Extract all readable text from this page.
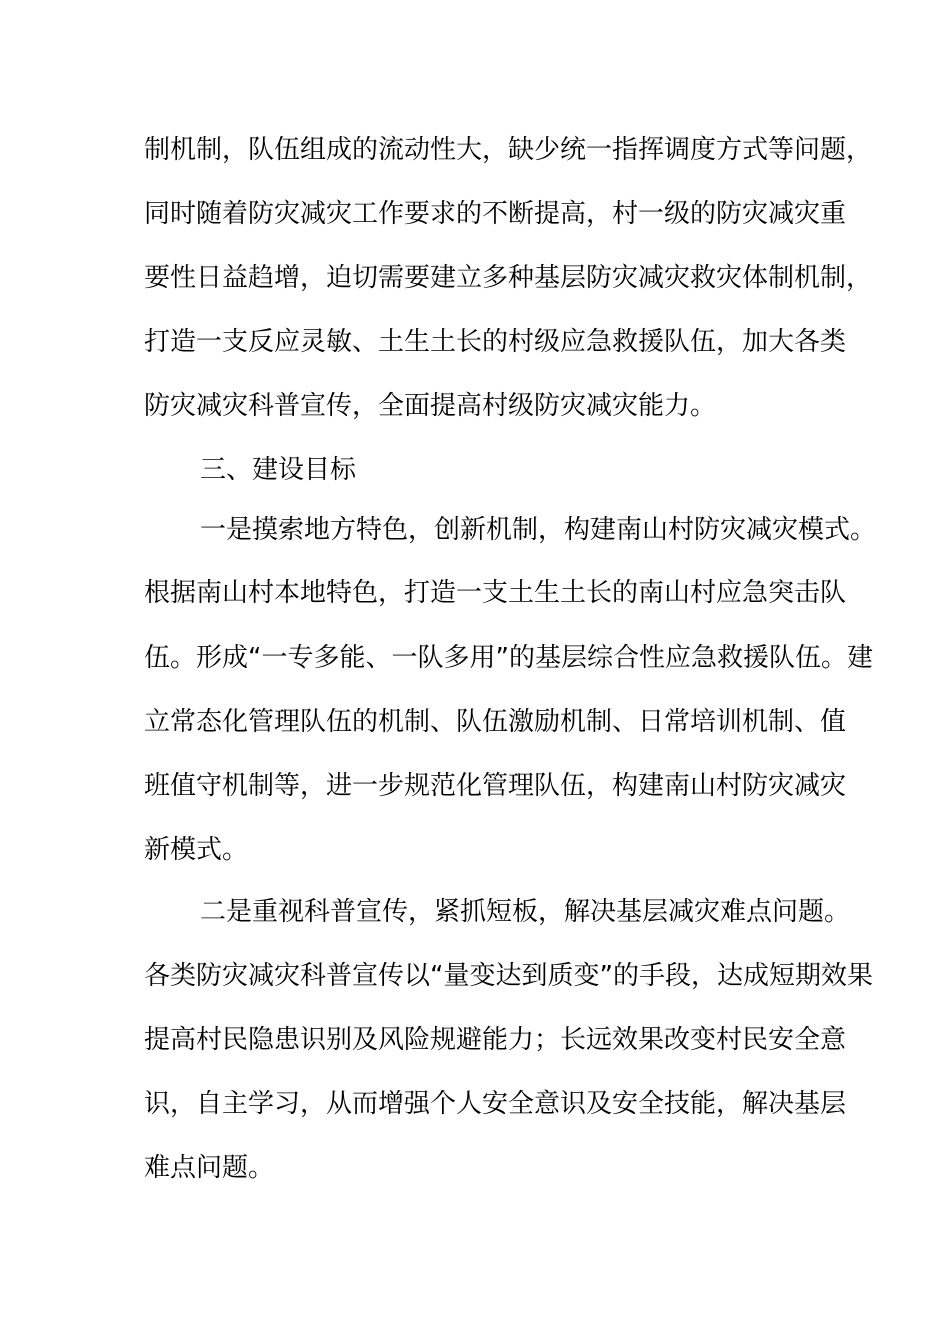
制机制，队伍组成的流动性大，缺少统一指挥调度方式等问题，
同时随着防灾减灾工作要求的不断提高，村一级的防灾减灾重
要性日益趋增，迫切需要建立多种基层防灾减灾救灾体制机制，
打造一支反应灵敏、土生土长的村级应急救援队伍，加大各类
防灾减灾科普宣传，全面提高村级防灾减灾能力。
三、建设目标
一是摸索地方特色，创新机制，构建南山村防灾减灾模式。
根据南山村本地特色，打造一支土生土长的南山村应急突击队
伍。形成“一专多能、一队多用”的基层综合性应急救援队伍。建
立常态化管理队伍的机制、队伍激励机制、日常培训机制、值
班值守机制等，进一步规范化管理队伍，构建南山村防灾减灾
新模式。
二是重视科普宣传，紧抓短板，解决基层减灾难点问题。
各类防灾减灾科普宣传以“量变达到质变”的手段，达成短期效果
提高村民隐患识别及风险规避能力；长远效果改变村民安全意
识，自主学习，从而增强个人安全意识及安全技能，解决基层
难点问题。
